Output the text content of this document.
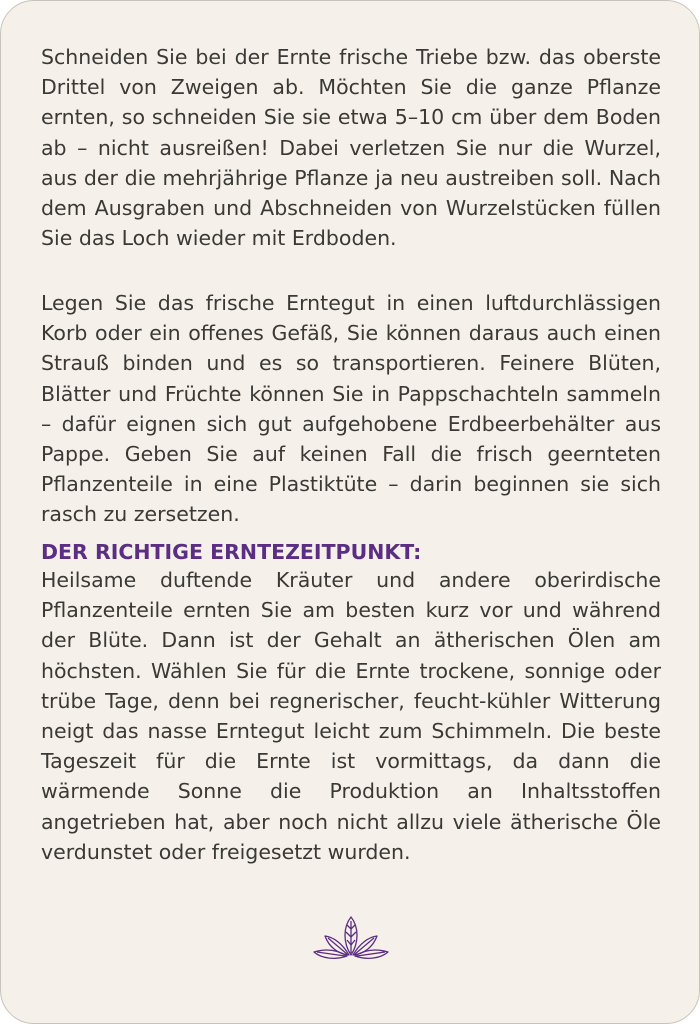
Schneiden Sie bei der Ernte frische Triebe bzw. das oberste Drittel von Zweigen ab. Möchten Sie die ganze Pflanze ernten, so schneiden Sie sie etwa 5–10 cm über dem Boden ab – nicht ausreißen! Dabei verletzen Sie nur die Wurzel, aus der die mehrjährige Pflanze ja neu austreiben soll. Nach dem Ausgraben und Abschneiden von Wurzelstücken füllen Sie das Loch wieder mit Erdboden.

Legen Sie das frische Erntegut in einen luftdurchlässigen Korb oder ein offenes Gefäß, Sie können daraus auch einen Strauß binden und es so transportieren. Feinere Blüten, Blätter und Früchte können Sie in Pappschachteln sammeln – dafür eignen sich gut aufgehobene Erdbeerbehälter aus Pappe. Geben Sie auf keinen Fall die frisch geernteten Pflanzenteile in eine Plastiktüte – darin beginnen sie sich rasch zu zersetzen.

DER RICHTIGE ERNTEZEITPUNKT:

Heilsame duftende Kräuter und andere oberirdische Pflanzenteile ernten Sie am besten kurz vor und während der Blüte. Dann ist der Gehalt an ätherischen Ölen am höchsten. Wählen Sie für die Ernte trockene, sonnige oder trübe Tage, denn bei regnerischer, feucht-kühler Witterung neigt das nasse Erntegut leicht zum Schimmeln. Die beste Tageszeit für die Ernte ist vormittags, da dann die wärmende Sonne die Produktion an Inhaltsstoffen angetrieben hat, aber noch nicht allzu viele ätherische Öle verdunstet oder freigesetzt wurden.
